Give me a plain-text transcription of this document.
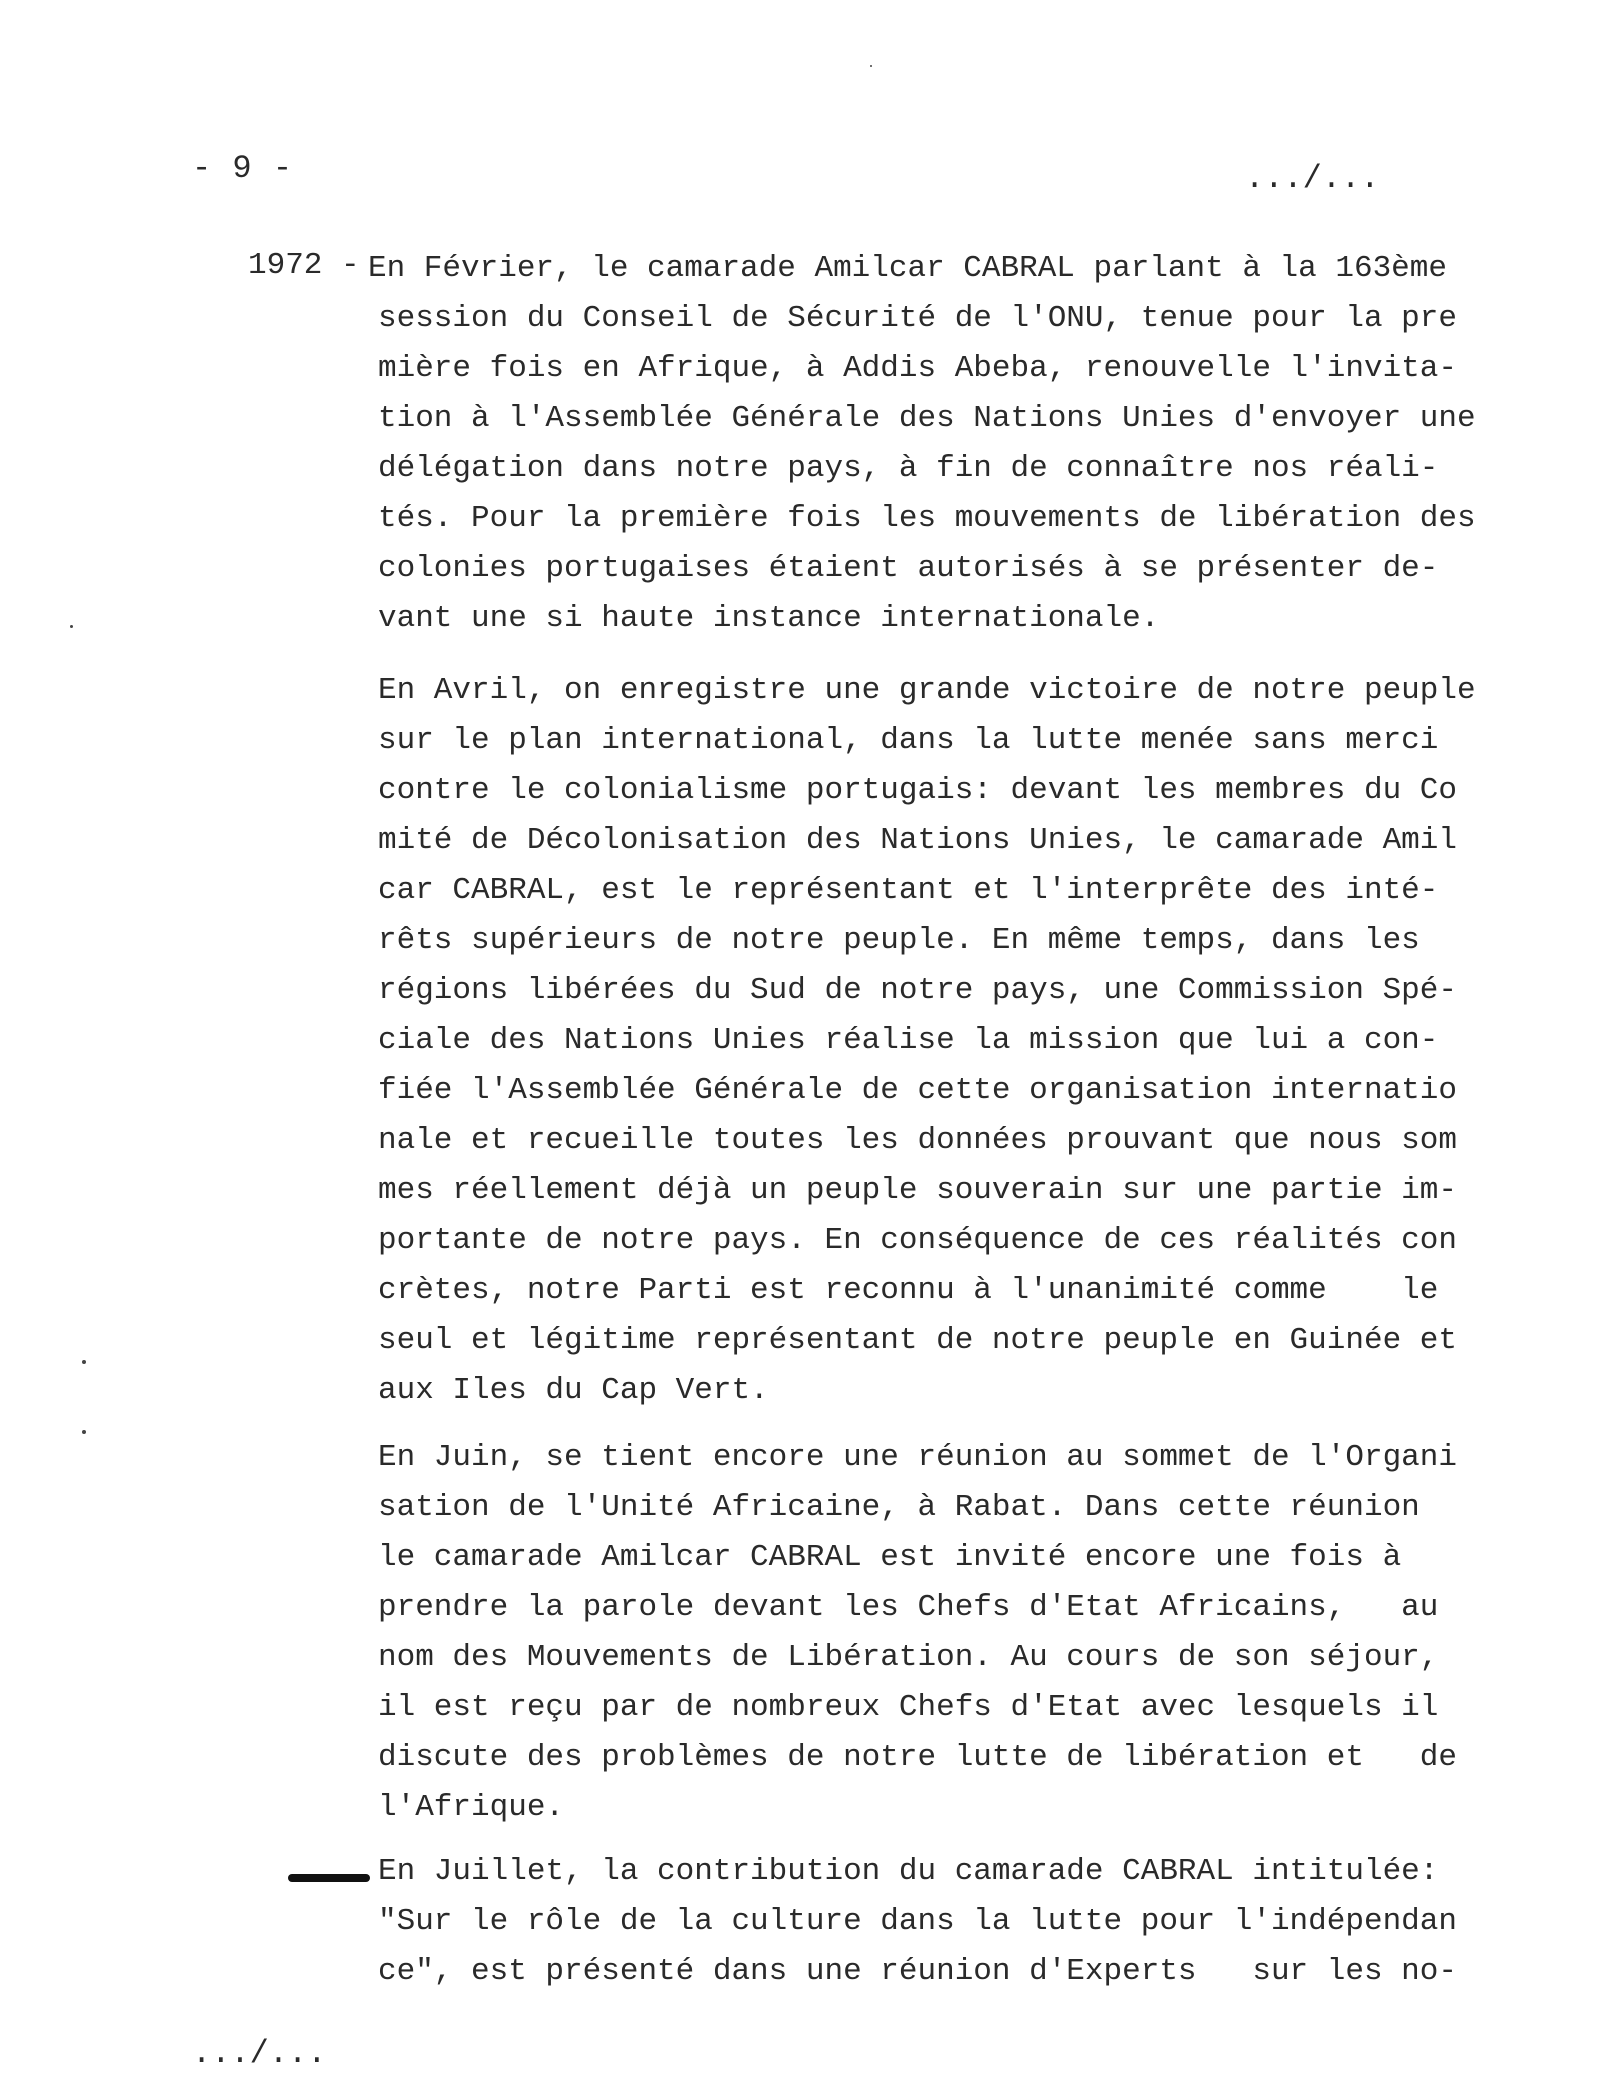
- 9 -	.../...
1972 - En Février, le camarade Amilcar CABRAL parlant à la 163ème
session du Conseil de Sécurité de l'ONU, tenue pour la pre
mière fois en Afrique, à Addis Abeba, renouvelle l'invita-
tion à l'Assemblée Générale des Nations Unies d'envoyer une
délégation dans notre pays, à fin de connaître nos réali-
tés. Pour la première fois les mouvements de libération des
colonies portugaises étaient autorisés à se présenter de-
vant une si haute instance internationale.
En Avril, on enregistre une grande victoire de notre peuple
sur le plan international, dans la lutte menée sans merci
contre le colonialisme portugais: devant les membres du Co
mité de Décolonisation des Nations Unies, le camarade Amil
car CABRAL, est le représentant et l'interprête des inté-
rêts supérieurs de notre peuple. En même temps, dans les
régions libérées du Sud de notre pays, une Commission Spé-
ciale des Nations Unies réalise la mission que lui a con-
fiée l'Assemblée Générale de cette organisation internatio
nale et recueille toutes les données prouvant que nous som
mes réellement déjà un peuple souverain sur une partie im-
portante de notre pays. En conséquence de ces réalités con
crètes, notre Parti est reconnu à l'unanimité comme    le
seul et légitime représentant de notre peuple en Guinée et
aux Iles du Cap Vert.
En Juin, se tient encore une réunion au sommet de l'Organi
sation de l'Unité Africaine, à Rabat. Dans cette réunion
le camarade Amilcar CABRAL est invité encore une fois à
prendre la parole devant les Chefs d'Etat Africains,   au
nom des Mouvements de Libération. Au cours de son séjour,
il est reçu par de nombreux Chefs d'Etat avec lesquels il
discute des problèmes de notre lutte de libération et   de
l'Afrique.
En Juillet, la contribution du camarade CABRAL intitulée:
"Sur le rôle de la culture dans la lutte pour l'indépendan
ce", est présenté dans une réunion d'Experts   sur les no-
.../...
